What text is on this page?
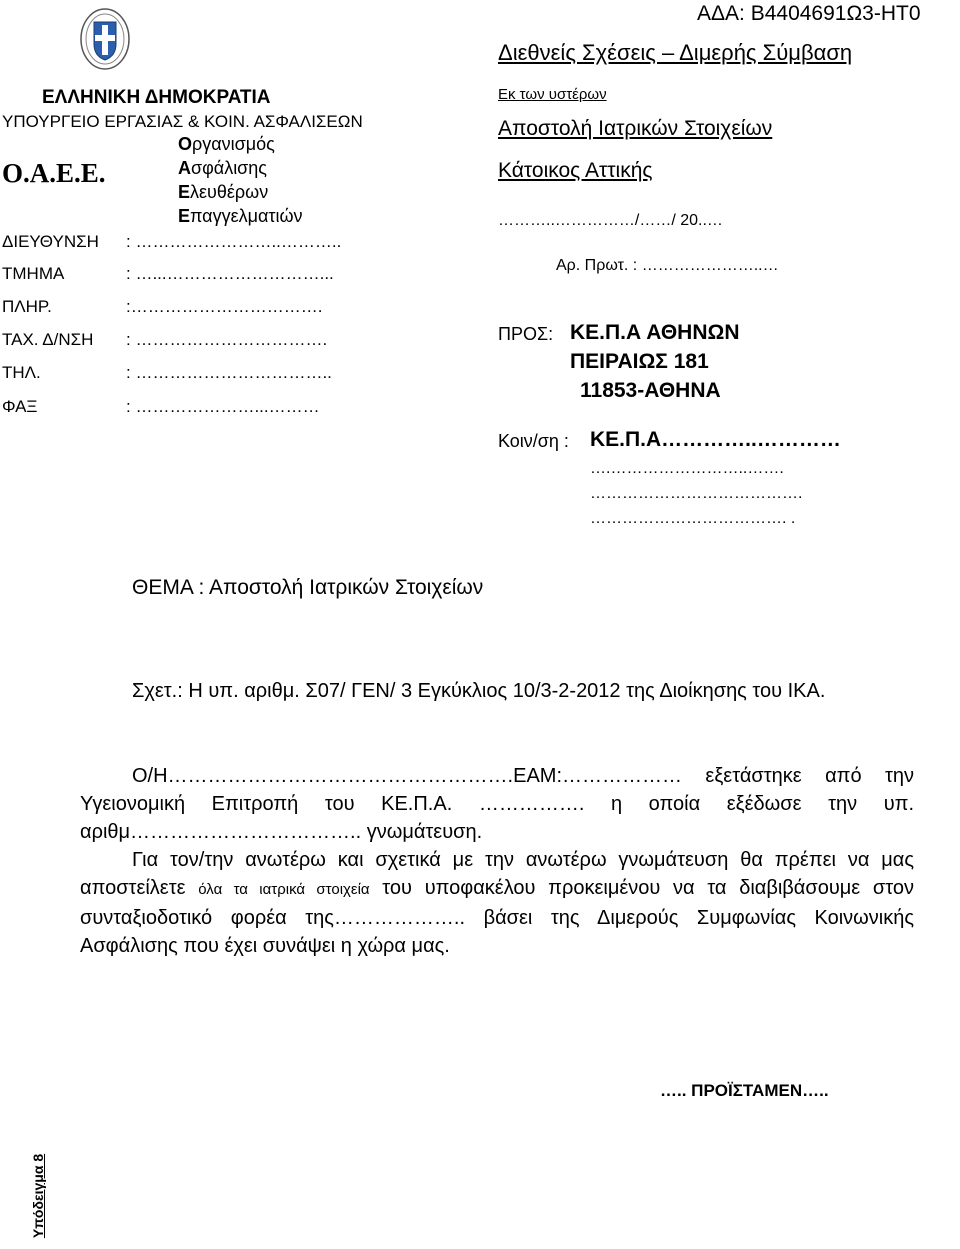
ΕΛΛΗΝΙΚΗ ΔΗΜΟΚΡΑΤΙΑ
ΥΠΟΥΡΓΕΙΟ ΕΡΓΑΣΙΑΣ & ΚΟΙΝ. ΑΣΦΑΛΙΣΕΩΝ
Ο.Α.Ε.Ε.
Οργανισμός
Ασφάλισης
Ελευθέρων
Επαγγελματιών
ΔΙΕΥΘΥΝΣΗ : ……………………..………..
ΤΜΗΜΑ	: …...………………………...
ΠΛΗΡ.	:…………………………….
ΤΑΧ. Δ/ΝΣΗ : …………………………….
ΤΗΛ.	: ……………………………..
ΦΑΞ	: …………………...………
ΑΔΑ: Β4404691Ω3-ΗΤ0
Διεθνείς Σχέσεις – Διμερής Σύμβαση
Εκ των υστέρων
Αποστολή Ιατρικών Στοιχείων
Κάτοικος Αττικής
………..……………/……/ 20..…
Αρ. Πρωτ. : …………………..…
ΠΡΟΣ: ΚΕ.Π.Α ΑΘΗΝΩΝ
ΠΕΙΡΑΙΩΣ 181
11853-ΑΘΗΝΑ
Κοιν/ση : ΚΕ.Π.Α…………..…………
….……………………..…….
………………………………….
………………………………. .
ΘΕΜΑ : Αποστολή Ιατρικών Στοιχείων
Σχετ.: Η υπ. αριθμ. Σ07/ ΓΕΝ/ 3 Εγκύκλιος 10/3-2-2012 της Διοίκησης του ΙΚΑ.

Ο/Η…………………………………………….ΕΑΜ:……………… εξετάστηκε από την Υγειονομική Επιτροπή του ΚΕ.Π.Α. ……………. η οποία εξέδωσε την υπ. αριθμ…………………………….. γνωμάτευση.

Για τον/την ανωτέρω και σχετικά με την ανωτέρω γνωμάτευση θα πρέπει να μας αποστείλετε όλα τα ιατρικά στοιχεία του υποφακέλου προκειμένου να τα διαβιβάσουμε στον συνταξιοδοτικό φορέα της……………….. βάσει της Διμερούς Συμφωνίας Κοινωνικής Ασφάλισης που έχει συνάψει η χώρα μας.

….. ΠΡΟΪΣΤΑΜΕΝ…..
Υπόδειγμα 8
